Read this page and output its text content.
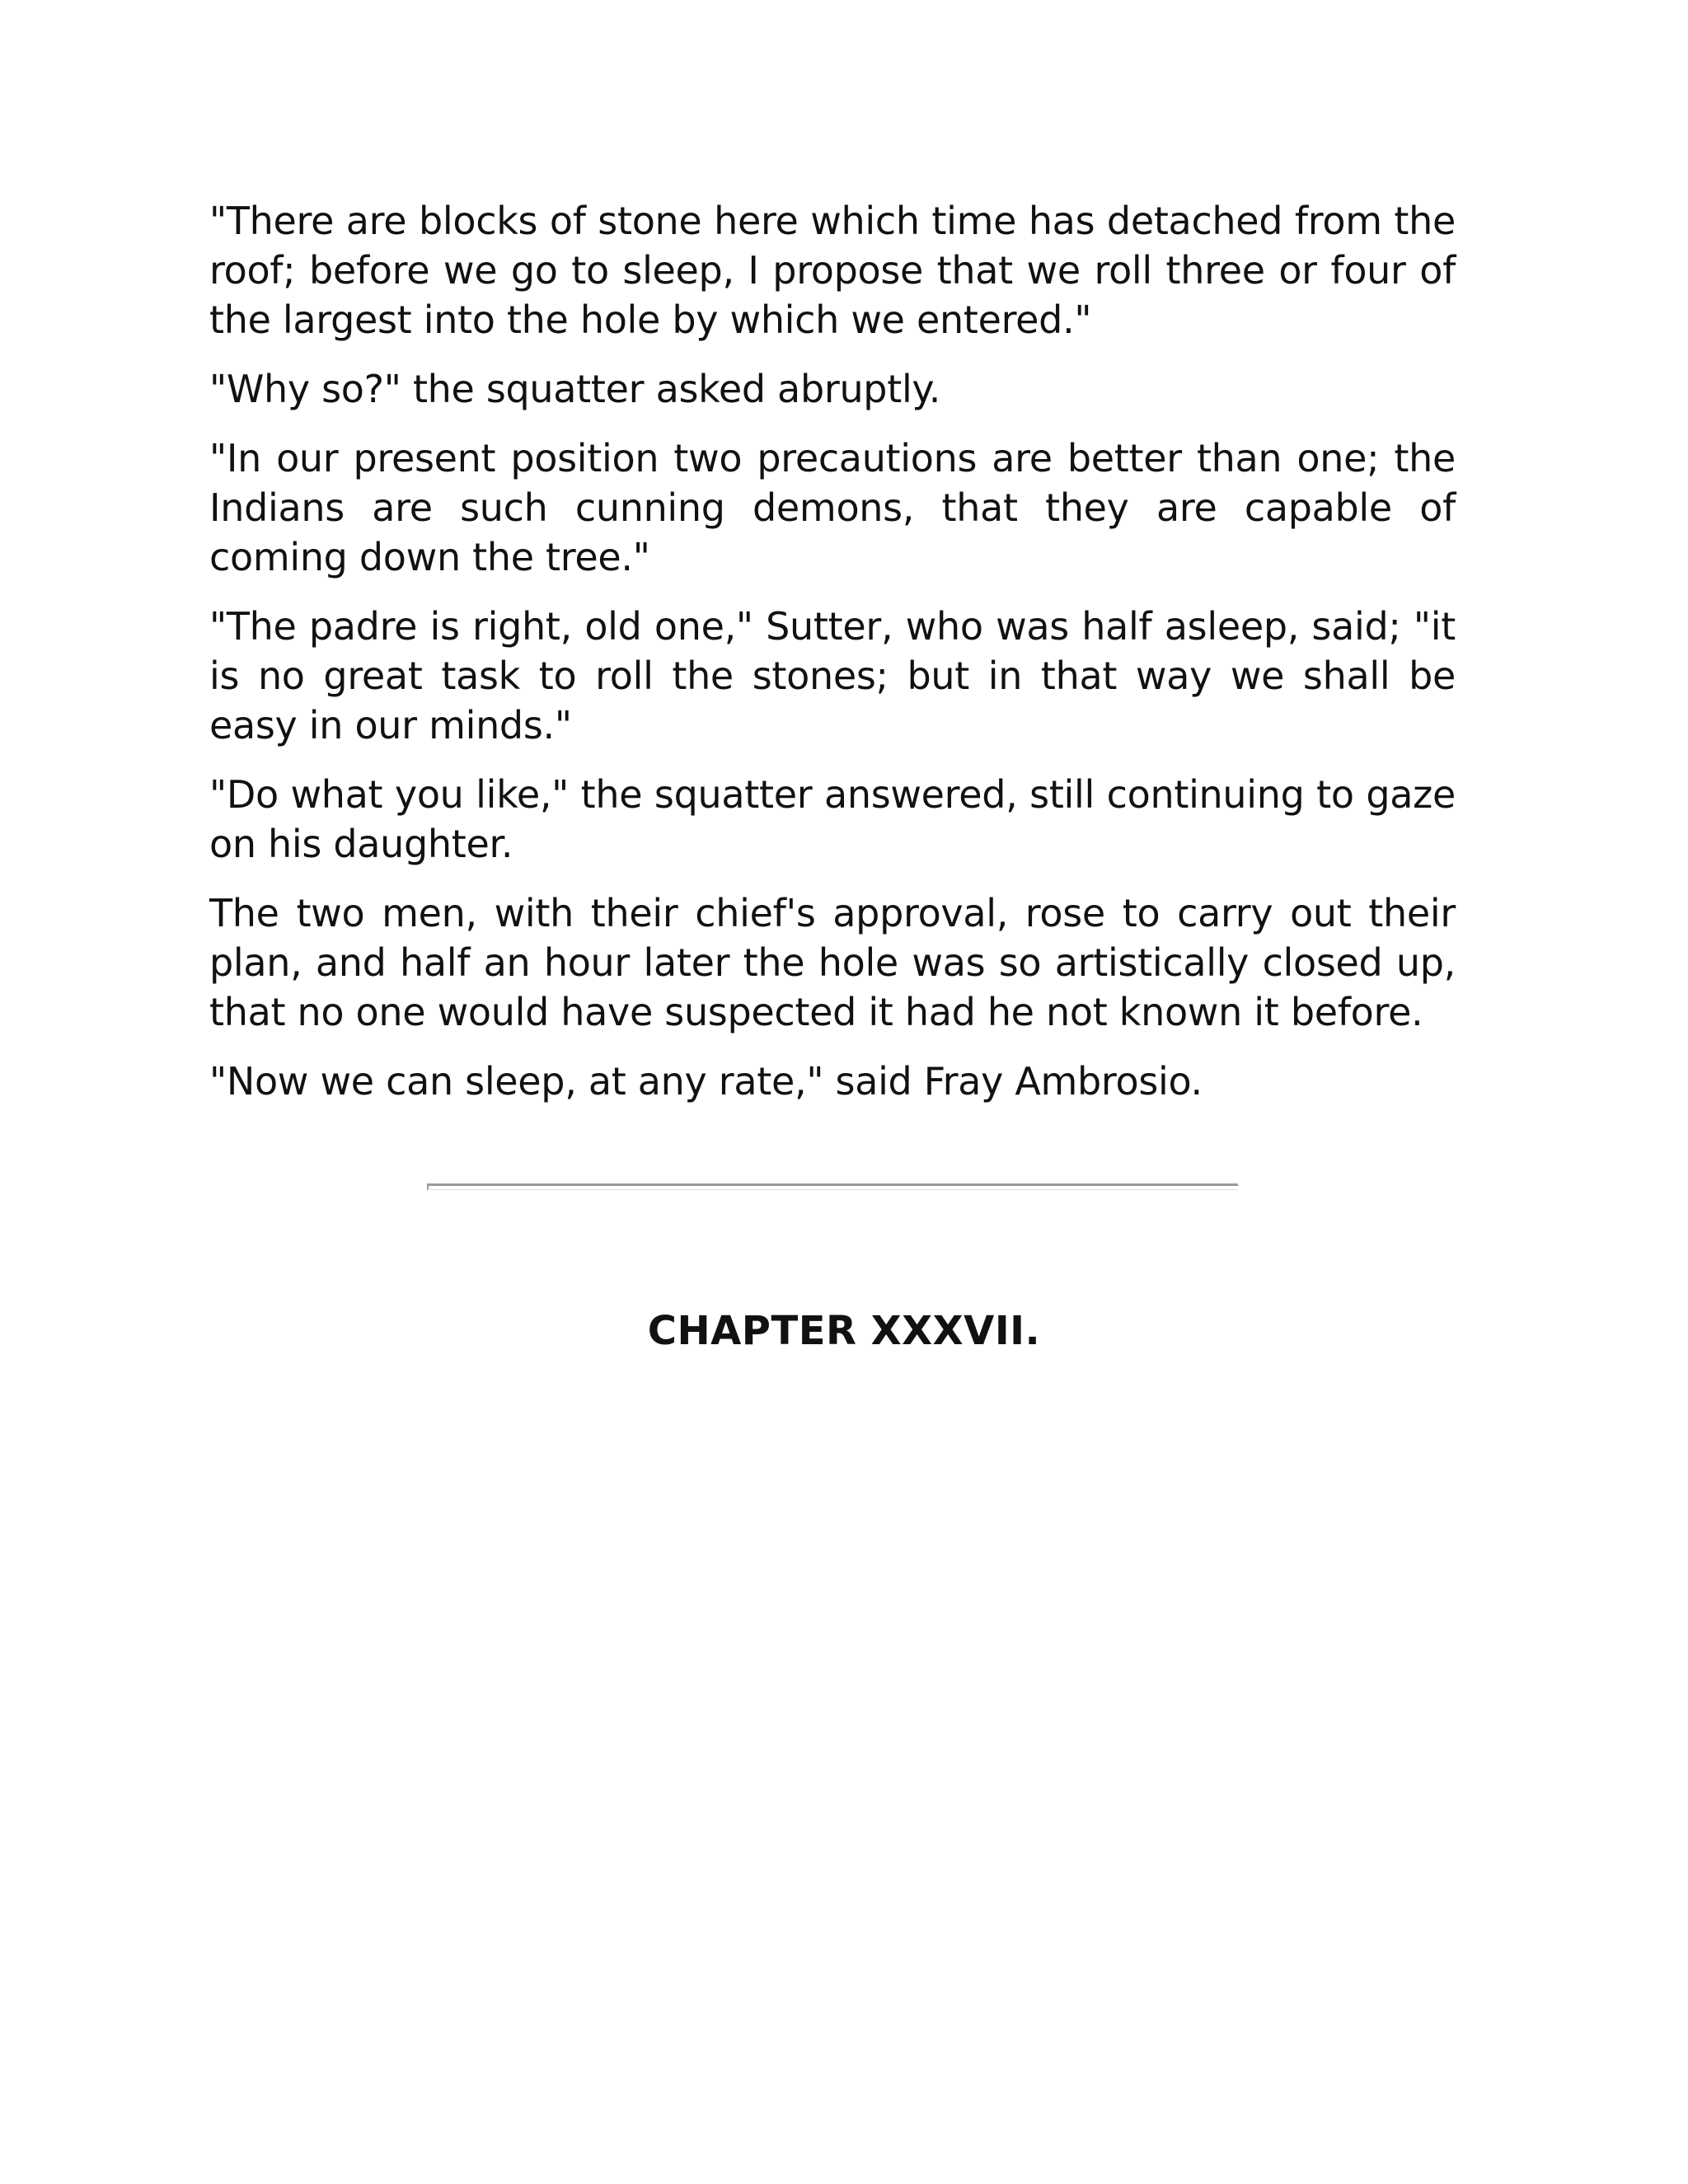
"There are blocks of stone here which time has detached from the roof; before we go to sleep, I propose that we roll three or four of the largest into the hole by which we entered."

"Why so?" the squatter asked abruptly.

"In our present position two precautions are better than one; the Indians are such cunning demons, that they are capable of coming down the tree."

"The padre is right, old one," Sutter, who was half asleep, said; "it is no great task to roll the stones; but in that way we shall be easy in our minds."

"Do what you like," the squatter answered, still continuing to gaze on his daughter.

The two men, with their chief's approval, rose to carry out their plan, and half an hour later the hole was so artistically closed up, that no one would have suspected it had he not known it before.

"Now we can sleep, at any rate," said Fray Ambrosio.

CHAPTER XXXVII.
